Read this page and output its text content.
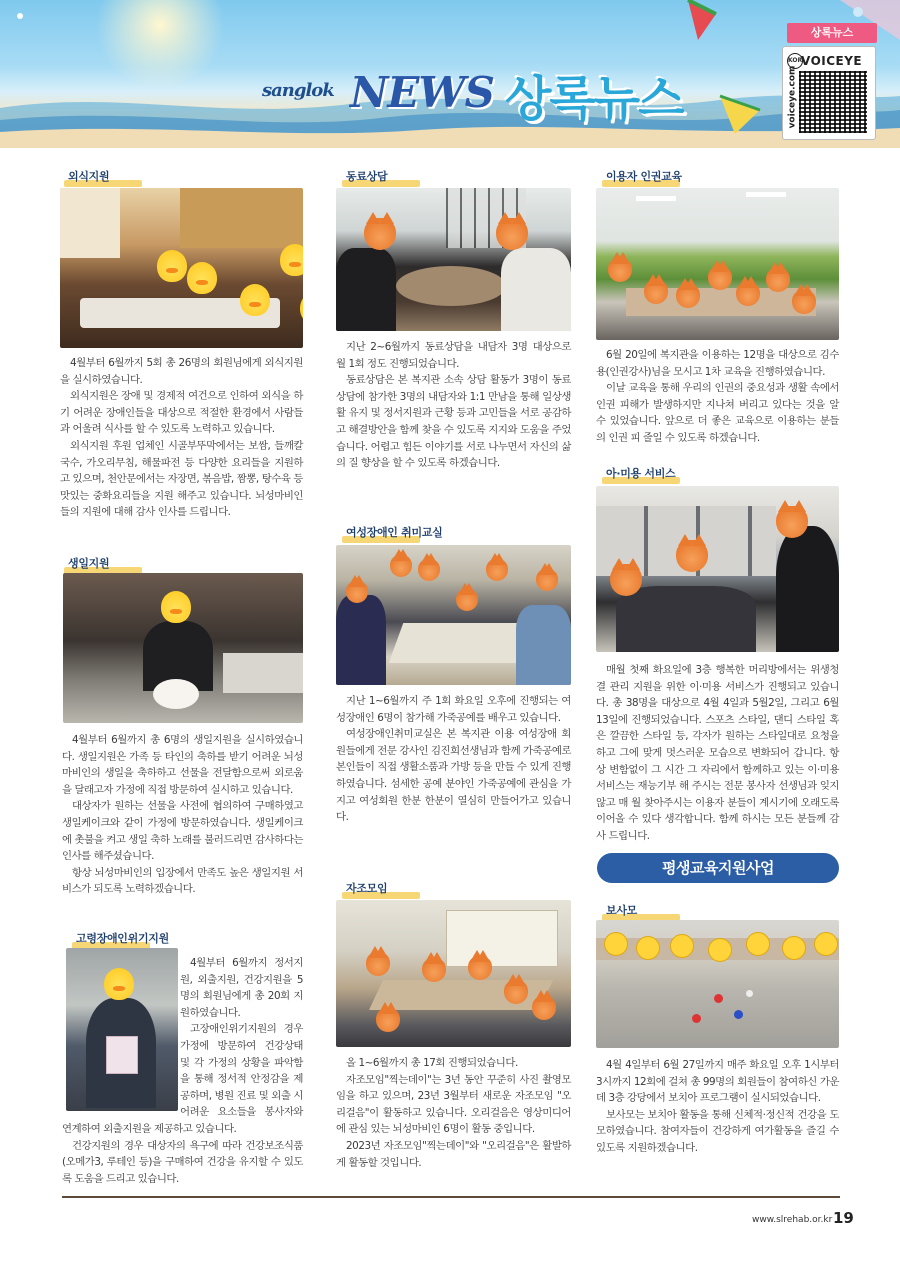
sanglok NEWS 상록뉴스
상록뉴스
KOR
VOICEYE
voiceye.com
외식지원

4월부터 6월까지 5회 총 26명의 회원님에게 외식지원을 실시하였습니다.

외식지원은 장애 및 경제적 여건으로 인하여 외식을 하기 어려운 장애인들을 대상으로 적절한 환경에서 사람들과 어울려 식사를 할 수 있도록 노력하고 있습니다.

외식지원 후원 업체인 시골부뚜막에서는 보쌈, 들깨칼국수, 가오리무침, 해물파전 등 다양한 요리들을 지원하고 있으며, 천안문에서는 자장면, 볶음밥, 짬뽕, 탕수육 등 맛있는 중화요리들을 지원 해주고 있습니다. 뇌성마비인들의 지원에 대해 감사 인사를 드립니다.

생일지원

4월부터 6월까지 총 6명의 생일지원을 실시하였습니다. 생일지원은 가족 등 타인의 축하를 받기 어려운 뇌성마비인의 생일을 축하하고 선물을 전달함으로써 외로움을 달래고자 가정에 직접 방문하여 실시하고 있습니다.

대상자가 원하는 선물을 사전에 협의하여 구매하였고 생일케이크와 같이 가정에 방문하였습니다. 생일케이크에 촛불을 켜고 생일 축하 노래를 불러드리면 감사하다는 인사를 해주셨습니다.

항상 뇌성마비인의 입장에서 만족도 높은 생일지원 서비스가 되도록 노력하겠습니다.

고령장애인위기지원

4월부터 6월까지 정서지원, 외출지원, 건강지원을 5명의 회원님에게 총 20회 지원하였습니다.

고장애인위기지원의 경우 가정에 방문하여 건강상태 및 각 가정의 상황을 파악함을 통해 정서적 안정감을 제공하며, 병원 진료 및 외출 시 어려운 요소들을 봉사자와 연계하여 외출지원을 제공하고 있습니다.

건강지원의 경우 대상자의 욕구에 따라 건강보조식품(오메가3, 루테인 등)을 구매하여 건강을 유지할 수 있도록 도움을 드리고 있습니다.

동료상담

지난 2~6월까지 동료상담을 내담자 3명 대상으로 월 1회 정도 진행되었습니다.

동료상담은 본 복지관 소속 상담 활동가 3명이 동료상담에 참가한 3명의 내담자와 1:1 만남을 통해 일상생활 유지 및 정서지원과 근황 등과 고민들을 서로 공감하고 해결방안을 함께 찾을 수 있도록 지지와 도움을 주었습니다. 어렵고 힘든 이야기를 서로 나누면서 자신의 삶의 질 향상을 할 수 있도록 하겠습니다.

여성장애인 취미교실

지난 1~6월까지 주 1회 화요일 오후에 진행되는 여성장애인 6명이 참가해 가죽공예를 배우고 있습니다.

여성장애인취미교실은 본 복지관 이용 여성장애 회원들에게 전문 강사인 김진희선생님과 함께 가죽공예로 본인들이 직접 생활소품과 가방 등을 만들 수 있게 진행하였습니다. 섬세한 공예 분야인 가죽공예에 관심을 가지고 여성회원 한분 한분이 열심히 만들어가고 있습니다.

자조모임

올 1~6월까지 총 17회 진행되었습니다.

자조모임"찍는데이"는 3년 동안 꾸준히 사진 촬영모임을 하고 있으며, 23년 3월부터 새로운 자조모임 "오리걸음"이 활동하고 있습니다. 오리걸음은 영상미디어에 관심 있는 뇌성마비인 6명이 활동 중입니다.

2023년 자조모임"찍는데이"와 "오리걸음"은 활발하게 활동할 것입니다.

이용자 인권교육

6월 20일에 복지관을 이용하는 12명을 대상으로 김수용(인권강사)님을 모시고 1차 교육을 진행하였습니다.

이날 교육을 통해 우리의 인권의 중요성과 생활 속에서 인권 피해가 발생하지만 지나쳐 버리고 있다는 것을 알 수 있었습니다. 앞으로 더 좋은 교육으로 이용하는 분들의 인권 피 줄일 수 있도록 하겠습니다.

아·미용 서비스

매월 첫째 화요일에 3층 행복한 머리방에서는 위생청결 관리 지원을 위한 이·미용 서비스가 진행되고 있습니다. 총 38명을 대상으로 4월 4일과 5월2일, 그리고 6월 13일에 진행되었습니다. 스포츠 스타일, 댄디 스타일 혹은 깔끔한 스타일 등, 각자가 원하는 스타일대로 요청을 하고 그에 맞게 멋스러운 모습으로 변화되어 갑니다. 항상 변함없이 그 시간 그 자리에서 함께하고 있는 이·미용 서비스는 재능기부 해 주시는 전문 봉사자 선생님과 잊지 않고 매 월 찾아주시는 이용자 분들이 계시기에 오래도록 이어올 수 있다 생각합니다. 함께 하시는 모든 분들께 감사 드립니다.

평생교육지원사업
보사모

4월 4일부터 6월 27일까지 매주 화요일 오후 1시부터 3시까지 12회에 걸쳐 총 99명의 회원들이 참여하신 가운데 3층 강당에서 보치아 프로그램이 실시되었습니다.

보사모는 보치아 활동을 통해 신체적·정신적 건강을 도모하였습니다. 참여자들이 건강하게 여가활동을 즐길 수 있도록 지원하겠습니다.

www.slrehab.or.kr 19
